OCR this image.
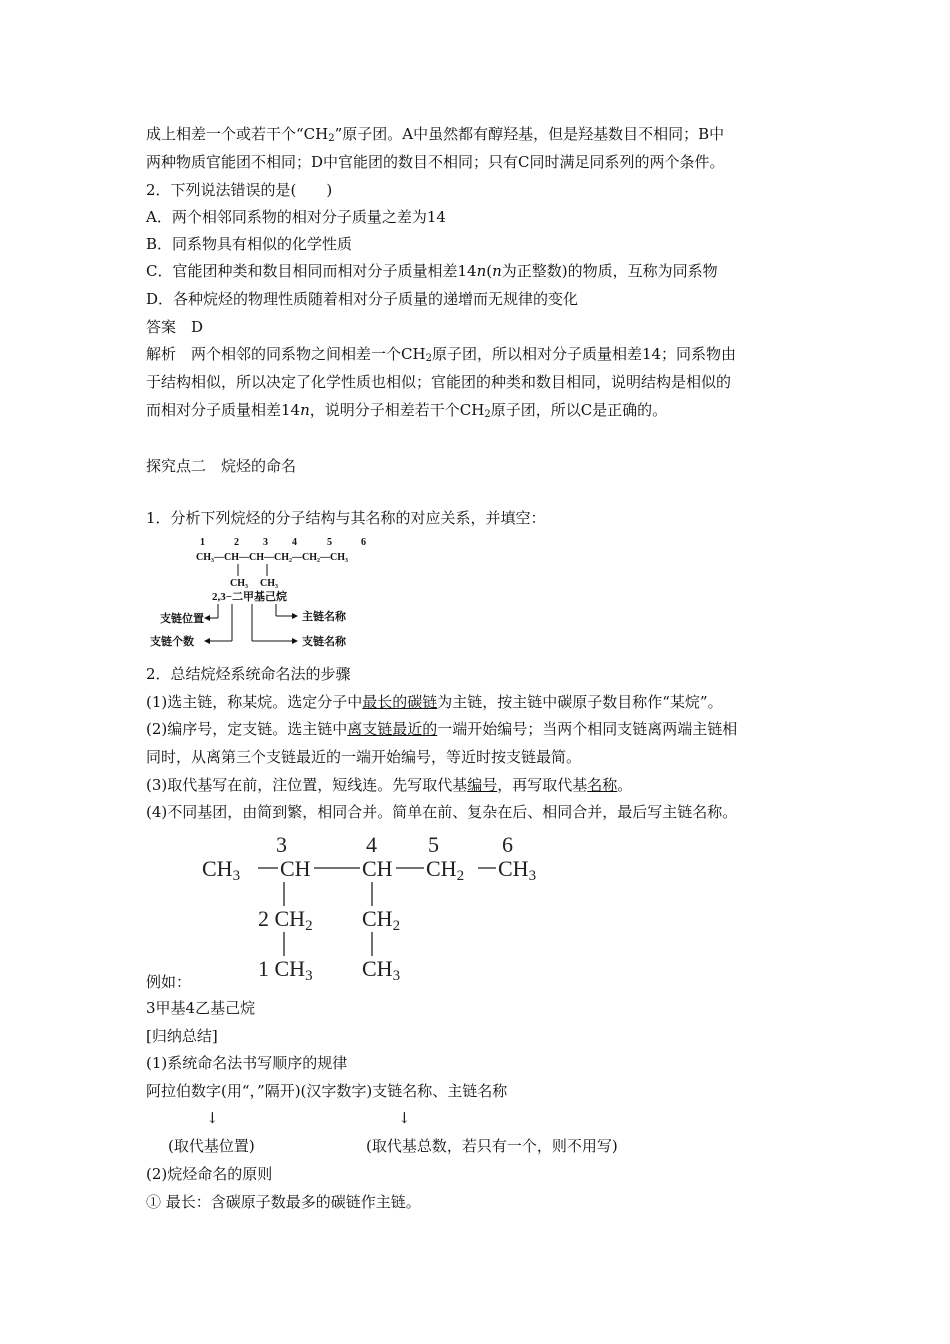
成上相差一个或若干个“$CH_2$”原子团。A中虽然都有醇羟基，但是羟基数目不相同；B中
两种物质官能团不相同；D中官能团的数目不相同；只有C同时满足同系列的两个条件。
2．下列说法错误的是(　　)
A．两个相邻同系物的相对分子质量之差为14
B．同系物具有相似的化学性质
C．官能团种类和数目相同而相对分子质量相差14n(n为正整数)的物质，互称为同系物
D．各种烷烃的物理性质随着相对分子质量的递增而无规律的变化
答案　D
解析　两个相邻的同系物之间相差一个$CH_2$原子团，所以相对分子质量相差14；同系物由
于结构相似，所以决定了化学性质也相似；官能团的种类和数目相同，说明结构是相似的
而相对分子质量相差14n，说明分子相差若干个$CH_2$原子团，所以C是正确的。
探究点二　烷烃的命名
1．分析下列烷烃的分子结构与其名称的对应关系，并填空：
1	2 3 4	5	6
CH₃—CH—CH—CH₂—CH₂—CH₃
CH₃ CH₃
2,3−二甲基己烷
支链位置
支链个数
主链名称
支链名称
2．总结烷烃系统命名法的步骤
(1)选主链，称某烷。选定分子中最长的碳链为主链，按主链中碳原子数目称作“某烷”。
(2)编序号，定支链。选主链中离支链最近的一端开始编号；当两个相同支链离两端主链相
同时，从离第三个支链最近的一端开始编号，等近时按支链最简。
(3)取代基写在前，注位置，短线连。先写取代基编号，再写取代基名称。
(4)不同基团，由简到繁，相同合并。简单在前、复杂在后、相同合并，最后写主链名称。
3	4 5	6
CH3 CH CH CH2 CH3
2 CH2
1 CH3
CH2
CH3
例如：
3甲基4乙基己烷
[归纳总结]
(1)系统命名法书写顺序的规律
阿拉伯数字(用“，”隔开)(汉字数字)支链名称、主链名称
↓	↓
(取代基位置)	(取代基总数，若只有一个，则不用写)
(2)烷烃命名的原则
① 最长：含碳原子数最多的碳链作主链。
